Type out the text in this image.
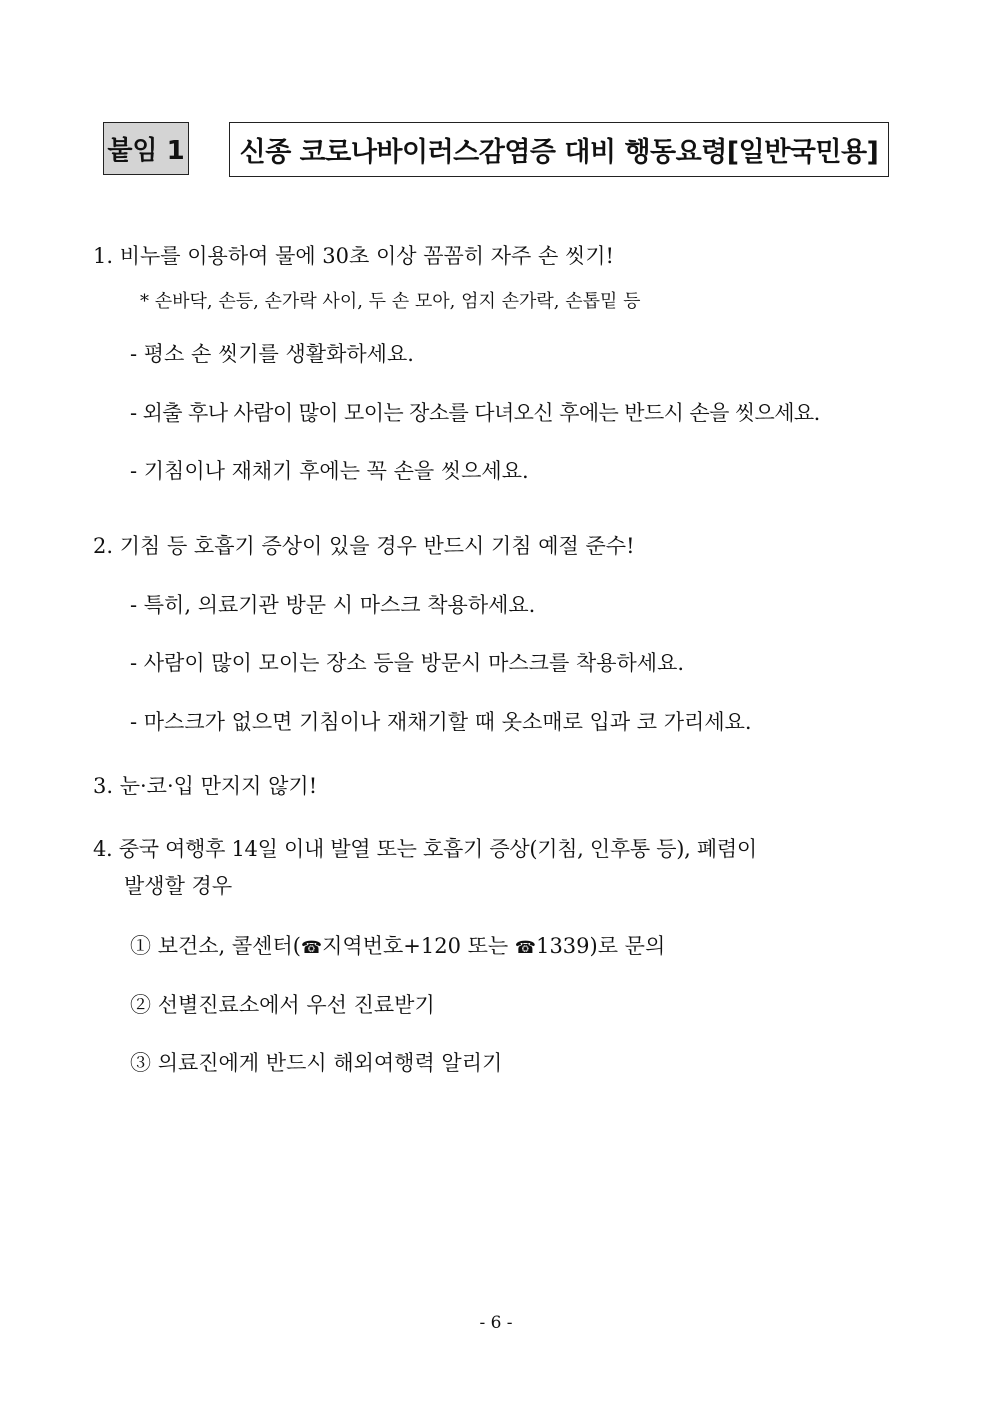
붙임 1 신종 코로나바이러스감염증 대비 행동요령[일반국민용]
1. 비누를 이용하여 물에 30초 이상 꼼꼼히 자주 손 씻기!
* 손바닥, 손등, 손가락 사이, 두 손 모아, 엄지 손가락, 손톱밑 등
- 평소 손 씻기를 생활화하세요.
- 외출 후나 사람이 많이 모이는 장소를 다녀오신 후에는 반드시 손을 씻으세요.
- 기침이나 재채기 후에는 꼭 손을 씻으세요.
2. 기침 등 호흡기 증상이 있을 경우 반드시 기침 예절 준수!
- 특히, 의료기관 방문 시 마스크 착용하세요.
- 사람이 많이 모이는 장소 등을 방문시 마스크를 착용하세요.
- 마스크가 없으면 기침이나 재채기할 때 옷소매로 입과 코 가리세요.
3. 눈·코·입 만지지 않기!
4. 중국 여행후 14일 이내 발열 또는 호흡기 증상(기침, 인후통 등), 폐렴이
발생할 경우
① 보건소, 콜센터(☎지역번호+120 또는 ☎1339)로 문의
② 선별진료소에서 우선 진료받기
③ 의료진에게 반드시 해외여행력 알리기
- 6 -
